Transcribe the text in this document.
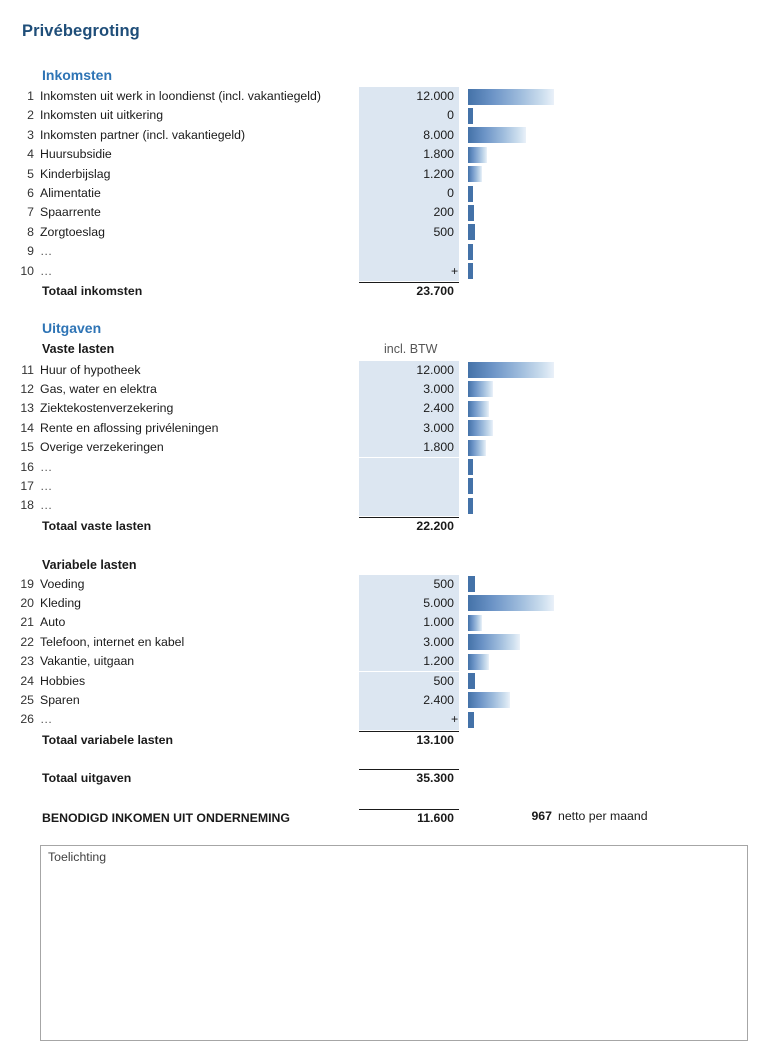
Privébegroting
Inkomsten
1 Inkomsten uit werk in loondienst (incl. vakantiegeld)	12.000
2 Inkomsten uit uitkering	0
3 Inkomsten partner (incl. vakantiegeld)	8.000
4 Huursubsidie	1.800
5 Kinderbijslag	1.200
6 Alimentatie	0
7 Spaarrente	200
8 Zorgtoeslag	500
9 …
10 …	+
Totaal inkomsten	23.700
Uitgaven
Vaste lasten	incl. BTW
11 Huur of hypotheek	12.000
12 Gas, water en elektra	3.000
13 Ziektekostenverzekering	2.400
14 Rente en aflossing privéleningen	3.000
15 Overige verzekeringen	1.800
16 …
17 …
18 …
Totaal vaste lasten	22.200
Variabele lasten
19 Voeding	500
20 Kleding	5.000
21 Auto	1.000
22 Telefoon, internet en kabel	3.000
23 Vakantie, uitgaan	1.200
24 Hobbies	500
25 Sparen	2.400
26 …	+
Totaal variabele lasten	13.100
Totaal uitgaven	35.300
BENODIGD INKOMEN UIT ONDERNEMING	11.600	967 netto per maand
Toelichting
